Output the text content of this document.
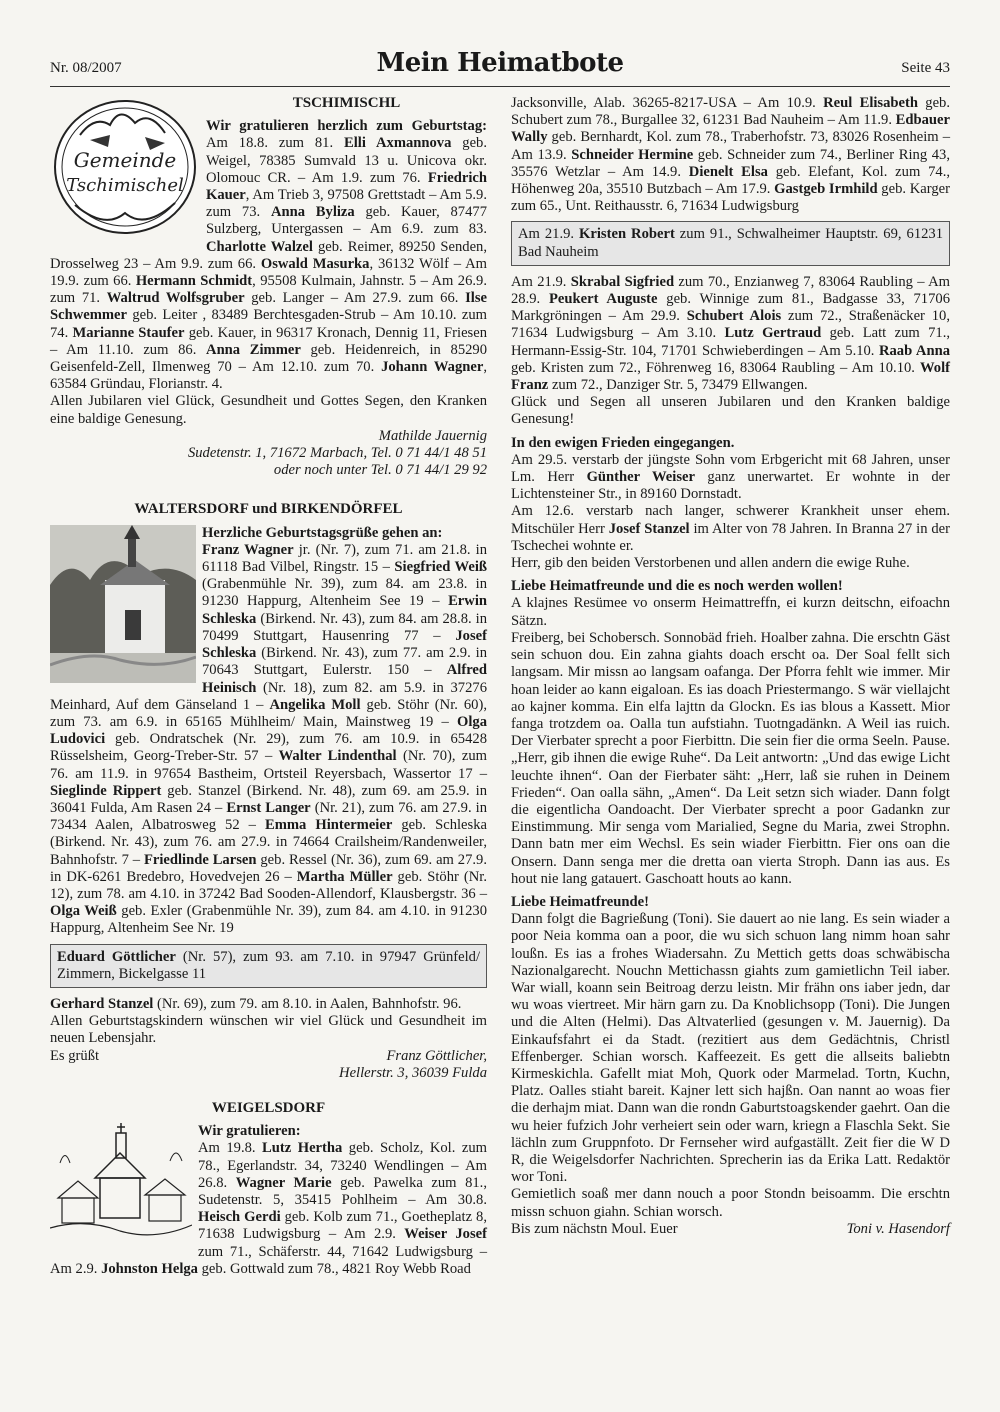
Nr. 08/2007	Mein Heimatbote	Seite 43
Gemeinde
Tschimischel
TSCHIMISCHL

Wir gratulieren herzlich zum Geburtstag: Am 18.8. zum 81. Elli Axmannova geb. Weigel, 78385 Sumvald 13 u. Unicova okr. Olomouc CR. – Am 1.9. zum 76. Friedrich Kauer, Am Trieb 3, 97508 Grettstadt – Am 5.9. zum 73. Anna Byliza geb. Kauer, 87477 Sulzberg, Untergassen – Am 6.9. zum 83. Charlotte Walzel geb. Reimer, 89250 Senden, Drosselweg 23 – Am 9.9. zum 66. Oswald Masurka, 36132 Wölf – Am 19.9. zum 66. Hermann Schmidt, 95508 Kulmain, Jahnstr. 5 – Am 26.9. zum 71. Waltrud Wolfsgruber geb. Langer – Am 27.9. zum 66. Ilse Schwemmer geb. Leiter , 83489 Berchtesgaden-Strub – Am 10.10. zum 74. Marianne Staufer geb. Kauer, in 96317 Kronach, Dennig 11, Friesen – Am 11.10. zum 86. Anna Zimmer geb. Heidenreich, in 85290 Geisenfeld-Zell, Ilmenweg 70 – Am 12.10. zum 70. Johann Wagner, 63584 Gründau, Florianstr. 4.

Allen Jubilaren viel Glück, Gesundheit und Gottes Segen, den Kranken eine baldige Genesung.

Mathilde Jauernig

Sudetenstr. 1, 71672 Marbach, Tel. 0 71 44/1 48 51

oder noch unter Tel. 0 71 44/1 29 92

WALTERSDORF und BIRKENDÖRFEL

Herzliche Geburtstagsgrüße gehen an:
Franz Wagner jr. (Nr. 7), zum 71. am 21.8. in 61118 Bad Vilbel, Ringstr. 15 – Siegfried Weiß (Grabenmühle Nr. 39), zum 84. am 23.8. in 91230 Happurg, Altenheim See 19 – Erwin Schleska (Birkend. Nr. 43), zum 84. am 28.8. in 70499 Stuttgart, Hausenring 77 – Josef Schleska (Birkend. Nr. 43), zum 77. am 2.9. in 70643 Stuttgart, Eulerstr. 150 – Alfred Heinisch (Nr. 18), zum 82. am 5.9. in 37276 Meinhard, Auf dem Gänseland 1 – Angelika Moll geb. Stöhr (Nr. 60), zum 73. am 6.9. in 65165 Mühlheim/ Main, Mainstweg 19 – Olga Ludovici geb. Ondratschek (Nr. 29), zum 76. am 10.9. in 65428 Rüsselsheim, Georg-Treber-Str. 57 – Walter Lindenthal (Nr. 70), zum 76. am 11.9. in 97654 Bastheim, Ortsteil Reyersbach, Wassertor 17 – Sieglinde Rippert geb. Stanzel (Birkend. Nr. 48), zum 69. am 25.9. in 36041 Fulda, Am Rasen 24 – Ernst Langer (Nr. 21), zum 76. am 27.9. in 73434 Aalen, Albatrosweg 52 – Emma Hintermeier geb. Schleska (Birkend. Nr. 43), zum 76. am 27.9. in 74664 Crailsheim/Randenweiler, Bahnhofstr. 7 – Friedlinde Larsen geb. Ressel (Nr. 36), zum 69. am 27.9. in DK-6261 Bredebro, Hovedvejen 26 – Martha Müller geb. Stöhr (Nr. 12), zum 78. am 4.10. in 37242 Bad Sooden-Allendorf, Klausbergstr. 36 – Olga Weiß geb. Exler (Grabenmühle Nr. 39), zum 84. am 4.10. in 91230 Happurg, Altenheim See Nr. 19

Eduard Göttlicher (Nr. 57), zum 93. am 7.10. in 97947 Grünfeld/ Zimmern, Bickelgasse 11

Gerhard Stanzel (Nr. 69), zum 79. am 8.10. in Aalen, Bahnhofstr. 96.

Allen Geburtstagskindern wünschen wir viel Glück und Gesundheit im neuen Lebensjahr.

Es grüßt	Franz Göttlicher,

Hellerstr. 3, 36039 Fulda

WEIGELSDORF

Wir gratulieren:
Am 19.8. Lutz Hertha geb. Scholz, Kol. zum 78., Egerlandstr. 34, 73240 Wendlingen – Am 26.8. Wagner Marie geb. Pawelka zum 81., Sudetenstr. 5, 35415 Pohlheim – Am 30.8. Heisch Gerdi geb. Kolb zum 71., Goetheplatz 8, 71638 Ludwigsburg – Am 2.9. Weiser Josef zum 71., Schäferstr. 44, 71642 Ludwigsburg – Am 2.9. Johnston Helga geb. Gottwald zum 78., 4821 Roy Webb Road

Jacksonville, Alab. 36265-8217-USA – Am 10.9. Reul Elisabeth geb. Schubert zum 78., Burgallee 32, 61231 Bad Nauheim – Am 11.9. Edbauer Wally geb. Bernhardt, Kol. zum 78., Traberhofstr. 73, 83026 Rosenheim – Am 13.9. Schneider Hermine geb. Schneider zum 74., Berliner Ring 43, 35576 Wetzlar – Am 14.9. Dienelt Elsa geb. Elefant, Kol. zum 74., Höhenweg 20a, 35510 Butzbach – Am 17.9. Gastgeb Irmhild geb. Karger zum 65., Unt. Reithausstr. 6, 71634 Ludwigsburg

Am 21.9. Kristen Robert zum 91., Schwalheimer Hauptstr. 69, 61231 Bad Nauheim

Am 21.9. Skrabal Sigfried zum 70., Enzianweg 7, 83064 Raubling – Am 28.9. Peukert Auguste geb. Winnige zum 81., Badgasse 33, 71706 Markgröningen – Am 29.9. Schubert Alois zum 72., Straßenäcker 10, 71634 Ludwigsburg – Am 3.10. Lutz Gertraud geb. Latt zum 71., Hermann-Essig-Str. 104, 71701 Schwieberdingen – Am 5.10. Raab Anna geb. Kristen zum 72., Föhrenweg 16, 83064 Raubling – Am 10.10. Wolf Franz zum 72., Danziger Str. 5, 73479 Ellwangen.

Glück und Segen all unseren Jubilaren und den Kranken baldige Genesung!

In den ewigen Frieden eingegangen.

Am 29.5. verstarb der jüngste Sohn vom Erbgericht mit 68 Jahren, unser Lm. Herr Günther Weiser ganz unerwartet. Er wohnte in der Lichtensteiner Str., in 89160 Dornstadt.

Am 12.6. verstarb nach langer, schwerer Krankheit unser ehem. Mitschüler Herr Josef Stanzel im Alter von 78 Jahren. In Branna 27 in der Tschechei wohnte er.

Herr, gib den beiden Verstorbenen und allen andern die ewige Ruhe.

Liebe Heimatfreunde und die es noch werden wollen!

A klajnes Resümee vo onserm Heimattreffn, ei kurzn deitschn, eifoachn Sätzn.

Freiberg, bei Schobersch. Sonnobäd frieh. Hoalber zahna. Die erschtn Gäst sein schuon dou. Ein zahna giahts doach erscht oa. Der Soal fellt sich langsam. Mir missn ao langsam oafanga. Der Pforra fehlt wie immer. Mir hoan leider ao kann eigaloan. Es ias doach Priestermango. S wär viellajcht ao kajner komma. Ein elfa lajttn da Glockn. Es ias blous a Kassett. Mior fanga trotzdem oa. Oalla tun aufstiahn. Tuotngadänkn. A Weil ias ruich. Der Vierbater sprecht a poor Fierbittn. Die sein fier die orma Seeln. Pause. „Herr, gib ihnen die ewige Ruhe“. Da Leit antwortn: „Und das ewige Licht leuchte ihnen“. Oan der Fierbater säht: „Herr, laß sie ruhen in Deinem Frieden“. Oan oalla sähn, „Amen“. Da Leit setzn sich wiader. Dann folgt die eigentlicha Oandoacht. Der Vierbater sprecht a poor Gadankn zur Einstimmung. Mir senga vom Marialied, Segne du Maria, zwei Strophn. Dann batn mer eim Wechsl. Es sein wiader Fierbittn. Fier ons oan die Onsern. Dann senga mer die dretta oan vierta Stroph. Dann ias aus. Es hout nie lang gatauert. Gaschoatt houts ao kann.

Liebe Heimatfreunde!

Dann folgt die Bagrießung (Toni). Sie dauert ao nie lang. Es sein wiader a poor Neia komma oan a poor, die wu sich schuon lang nimm hoan sahr loußn. Es ias a frohes Wiadersahn. Zu Mettich getts doas schwäbischa Nazionalgarecht. Nouchn Mettichassn giahts zum gamietlichn Teil iaber. War wiall, koann sein Beitroag derzu leistn. Mir frähn ons iaber jedn, dar wu woas viertreet. Mir härn garn zu. Da Knoblichsopp (Toni). Die Jungen und die Alten (Helmi). Das Altvaterlied (gesungen v. M. Jauernig). Da Einkaufsfahrt ei da Stadt. (rezitiert aus dem Gedächtnis, Christl Effenberger. Schian worsch. Kaffeezeit. Es gett die allseits baliebtn Kirmeskichla. Gafellt miat Moh, Quork oder Marmelad. Tortn, Kuchn, Platz. Oalles stiaht bareit. Kajner lett sich hajßn. Oan nannt ao woas fier die derhajm miat. Dann wan die rondn Gaburtstoagskender gaehrt. Oan die wu heier fufzich Johr verheiert sein oder warn, kriegn a Flaschla Sekt. Sie lächln zum Gruppnfoto. Dr Fernseher wird aufgaställt. Zeit fier die W D R, die Weigelsdorfer Nachrichten. Sprecherin ias da Erika Latt. Redaktör wor Toni.

Gemietlich soaß mer dann nouch a poor Stondn beisoamm. Die erschtn missn schuon giahn. Schian worsch.

Bis zum nächstn Moul. Euer	Toni v. Hasendorf
